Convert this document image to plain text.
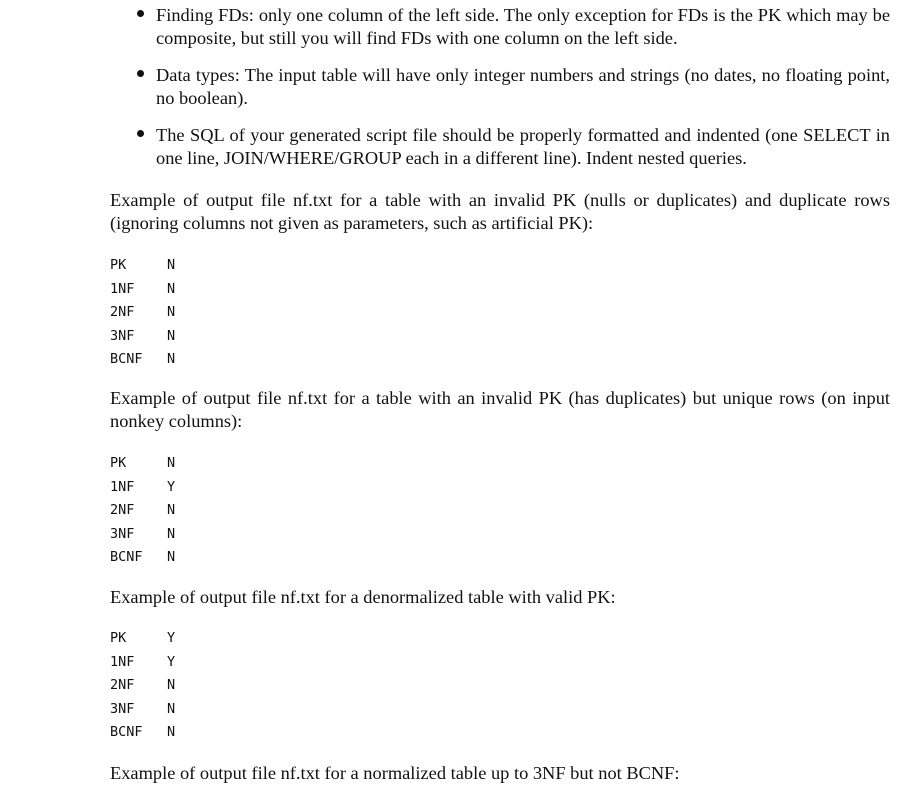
Finding FDs: only one column of the left side. The only exception for FDs is the PK which may be composite, but still you will find FDs with one column on the left side.
Data types: The input table will have only integer numbers and strings (no dates, no floating point, no boolean).
The SQL of your generated script file should be properly formatted and indented (one SELECT in one line, JOIN/WHERE/GROUP each in a different line). Indent nested queries.
Example of output file nf.txt for a table with an invalid PK (nulls or duplicates) and duplicate rows (ignoring columns not given as parameters, such as artificial PK):
PK	N
1NF	N
2NF	N
3NF	N
BCNF	N
Example of output file nf.txt for a table with an invalid PK (has duplicates) but unique rows (on input nonkey columns):
PK	N
1NF	Y
2NF	N
3NF	N
BCNF	N
Example of output file nf.txt for a denormalized table with valid PK:
PK	Y
1NF	Y
2NF	N
3NF	N
BCNF	N
Example of output file nf.txt for a normalized table up to 3NF but not BCNF:
